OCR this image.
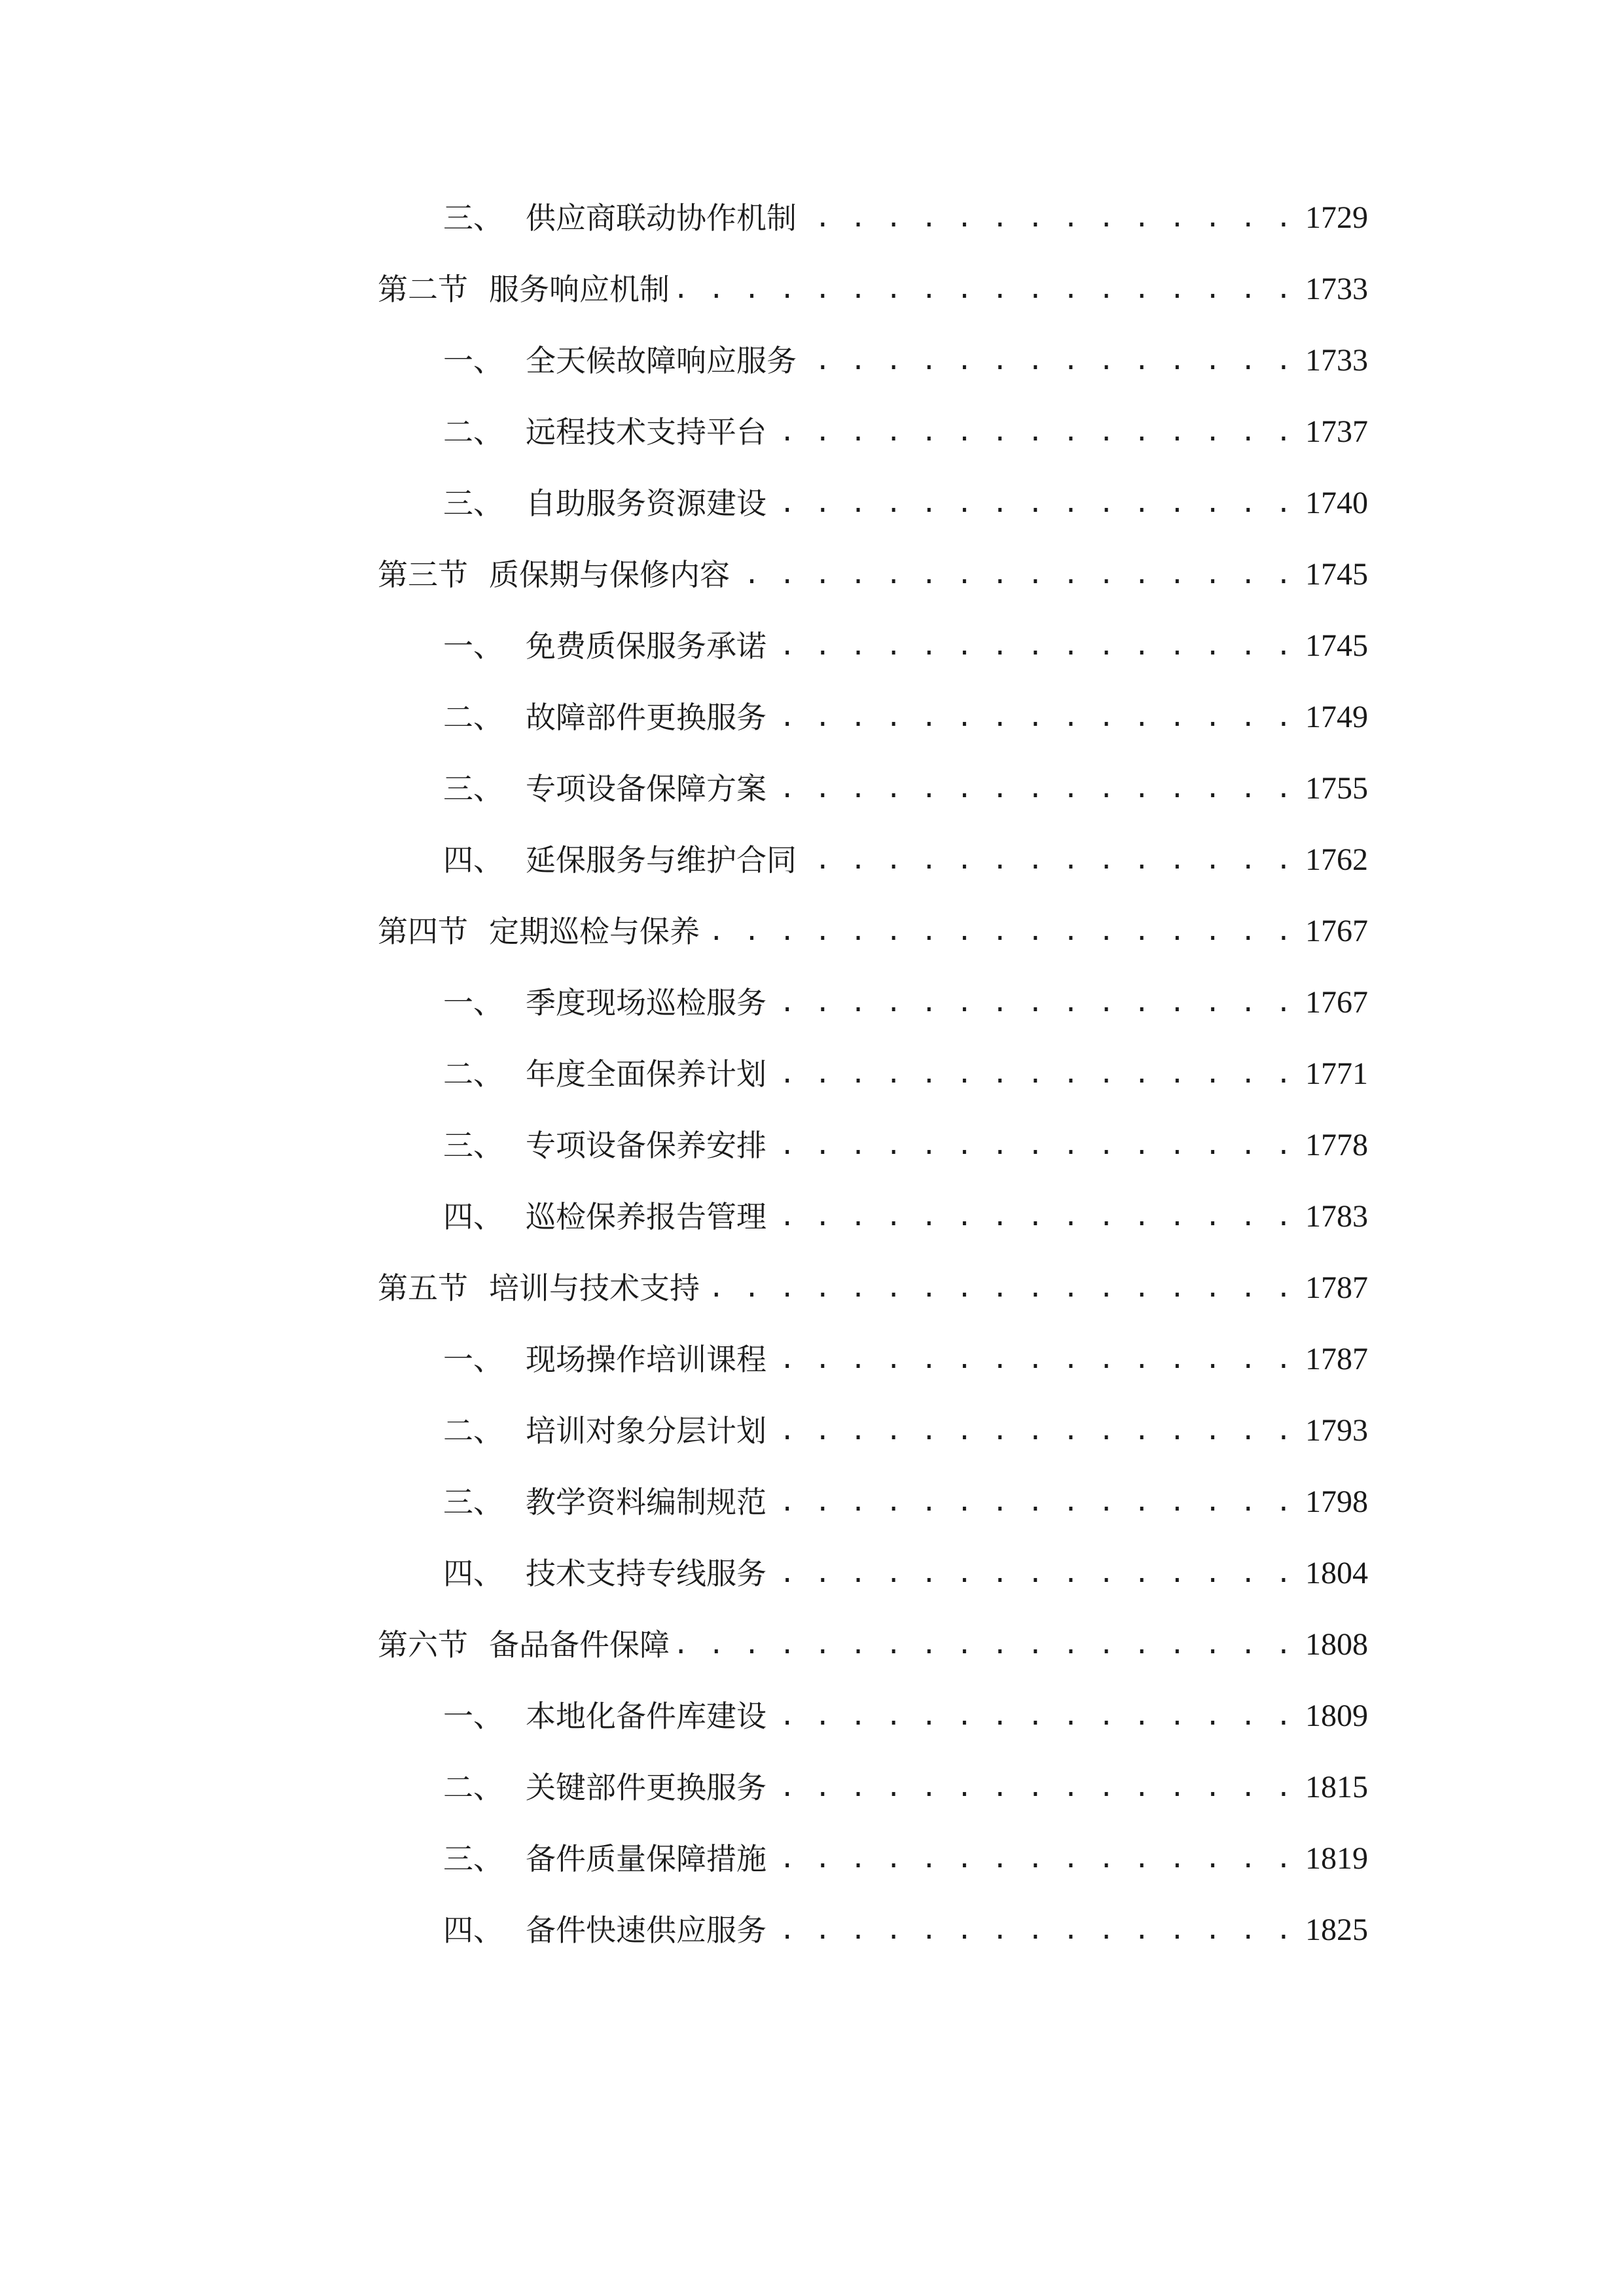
三、 供应商联动协作机制 . . .	1729
第二节 服务响应机制 . . .	1733
一、 全天候故障响应服务 . . .	1733
二、 远程技术支持平台 . . .	1737
三、 自助服务资源建设 . . .	1740
第三节 质保期与保修内容 . . .	1745
一、 免费质保服务承诺 . . .	1745
二、 故障部件更换服务 . . .	1749
三、 专项设备保障方案 . . .	1755
四、 延保服务与维护合同 . . .	1762
第四节 定期巡检与保养 . . .	1767
一、 季度现场巡检服务 . . .	1767
二、 年度全面保养计划 . . .	1771
三、 专项设备保养安排 . . .	1778
四、 巡检保养报告管理 . . .	1783
第五节 培训与技术支持 . . .	1787
一、 现场操作培训课程 . . .	1787
二、 培训对象分层计划 . . .	1793
三、 教学资料编制规范 . . .	1798
四、 技术支持专线服务 . . .	1804
第六节 备品备件保障 . . .	1808
一、 本地化备件库建设 . . .	1809
二、 关键部件更换服务 . . .	1815
三、 备件质量保障措施 . . .	1819
四、 备件快速供应服务 . . .	1825
